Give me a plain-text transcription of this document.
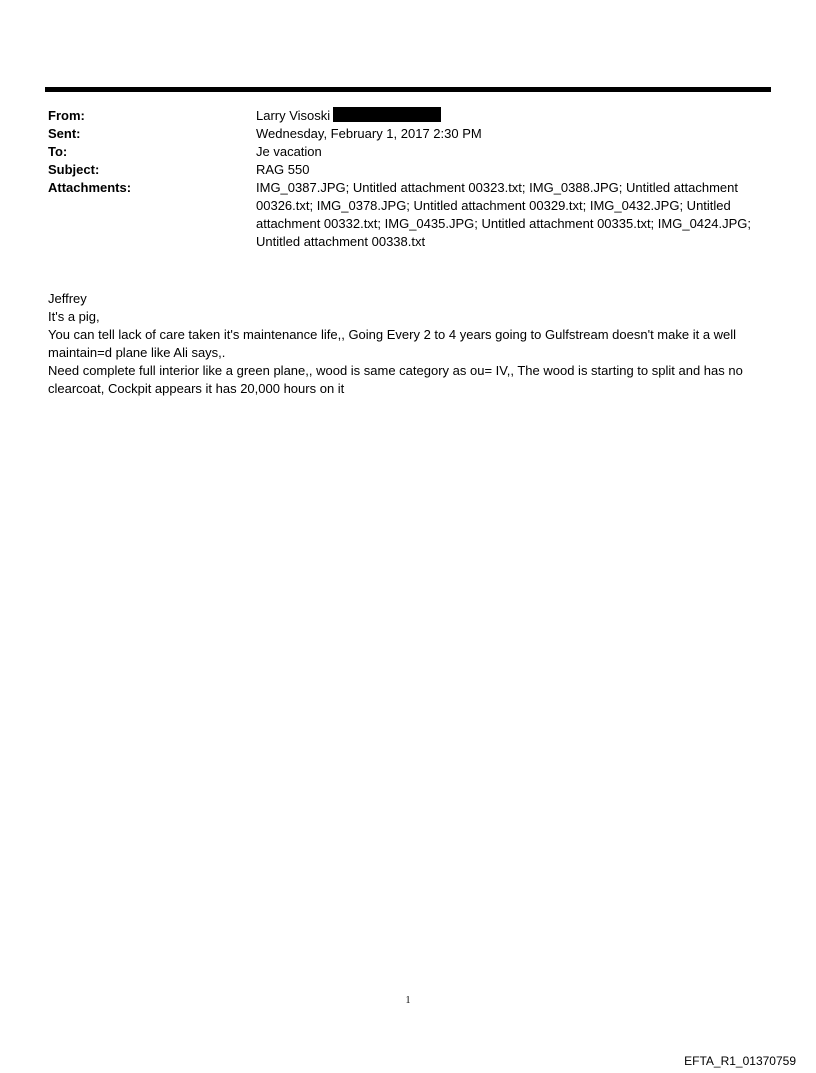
From:	Larry Visoski
Sent:	Wednesday, February 1, 2017 2:30 PM
To:	Je vacation
Subject:	RAG 550
Attachments:	IMG_0387.JPG; Untitled attachment 00323.txt; IMG_0388.JPG; Untitled attachment 00326.txt; IMG_0378.JPG; Untitled attachment 00329.txt; IMG_0432.JPG; Untitled attachment 00332.txt; IMG_0435.JPG; Untitled attachment 00335.txt; IMG_0424.JPG; Untitled attachment 00338.txt

Jeffrey

It's a pig,

You can tell lack of care taken it's maintenance life,, Going Every 2 to 4 years going to Gulfstream doesn't make it a well maintain=d plane like Ali says,.

Need complete full interior like a green plane,, wood is same category as ou= IV,, The wood is starting to split and has no clearcoat, Cockpit appears it has 20,000 hours on it

1
EFTA_R1_01370759
